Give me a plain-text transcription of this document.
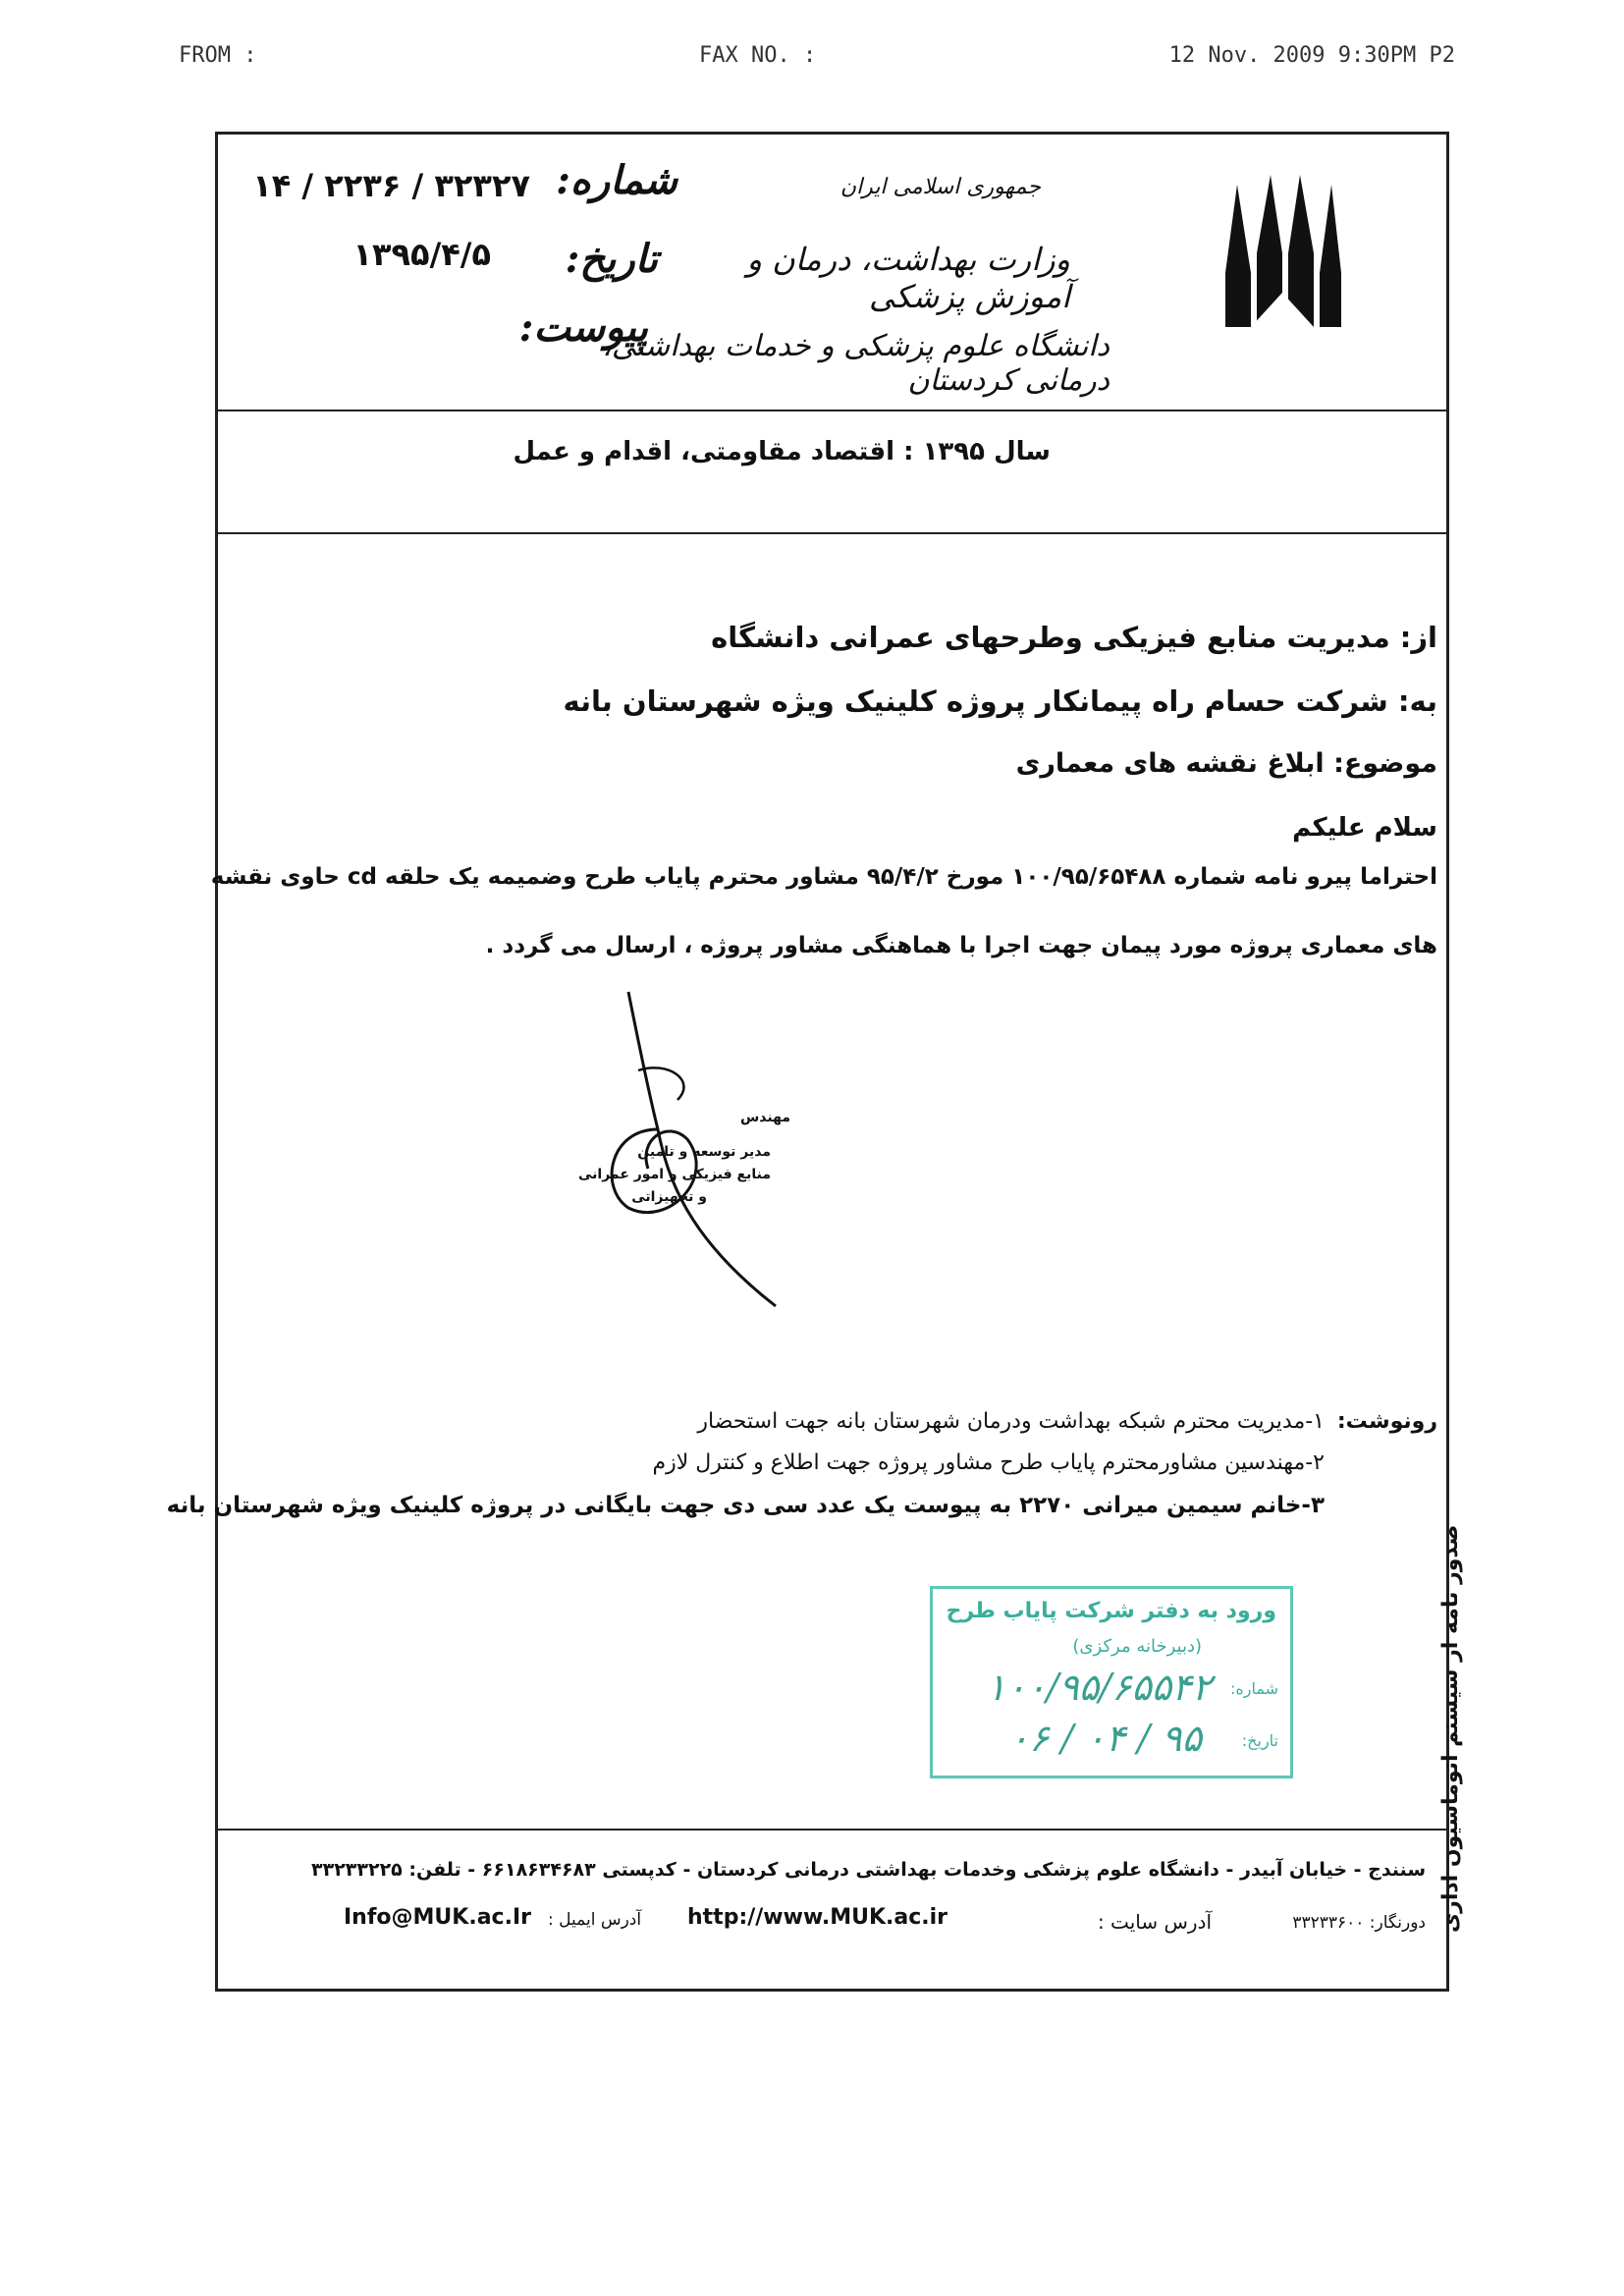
FROM :	FAX NO. :	12 Nov. 2009 9:30PM P2
جمهوری اسلامی ایران
وزارت بهداشت، درمان و آموزش پزشکی
دانشگاه علوم پزشکی و خدمات بهداشتی، درمانی کردستان
شماره:
۳۲۳۲۷ / ۲۲۳۶ / ۱۴
تاریخ:
۱۳۹۵/۴/۵
پیوست:
سال ۱۳۹۵ : اقتصاد مقاومتی، اقدام و عمل
از: مدیریت منابع فیزیکی وطرحهای عمرانی دانشگاه
به: شرکت حسام راه پیمانکار پروژه کلینیک ویژه شهرستان بانه
موضوع: ابلاغ نقشه های معماری
سلام علیکم
احتراما پیرو نامه شماره ۱۰۰/۹۵/۶۵۴۸۸ مورخ ۹۵/۴/۲ مشاور محترم پایاب طرح وضمیمه یک حلقه cd حاوی نقشه
های معماری پروژه مورد پیمان جهت اجرا با هماهنگی مشاور پروژه ، ارسال می گردد .
مهندس
مدیر توسعه و تامین
منابع فیزیکی و امور عمرانی
و تجهیزاتی
رونوشت:
۱-مدیریت محترم شبکه بهداشت ودرمان شهرستان بانه جهت استحضار
۲-مهندسین مشاورمحترم پایاب طرح مشاور پروژه جهت اطلاع و کنترل لازم
۳-خانم سیمین میرانی ۲۲۷۰ به پیوست یک عدد سی دی جهت بایگانی در پروژه کلینیک ویژه شهرستان بانه
صدور نامه از سیستم اتوماسیون اداری
ورود به دفتر شرکت پایاب طرح
(دبیرخانه مرکزی)
شماره:
۱۰۰/۹۵/۶۵۵۴۲
تاریخ:
۹۵ / ۰۴ / ۰۶
سنندج - خیابان آبیدر - دانشگاه علوم پزشکی وخدمات بهداشتی درمانی کردستان - کدپستی ۶۶۱۸۶۳۴۶۸۳ - تلفن: ۳۳۲۳۳۲۲۵
دورنگار: ۳۳۲۳۳۶۰۰
آدرس سایت :
http://www.MUK.ac.ir
آدرس ایمیل :
Info@MUK.ac.Ir
